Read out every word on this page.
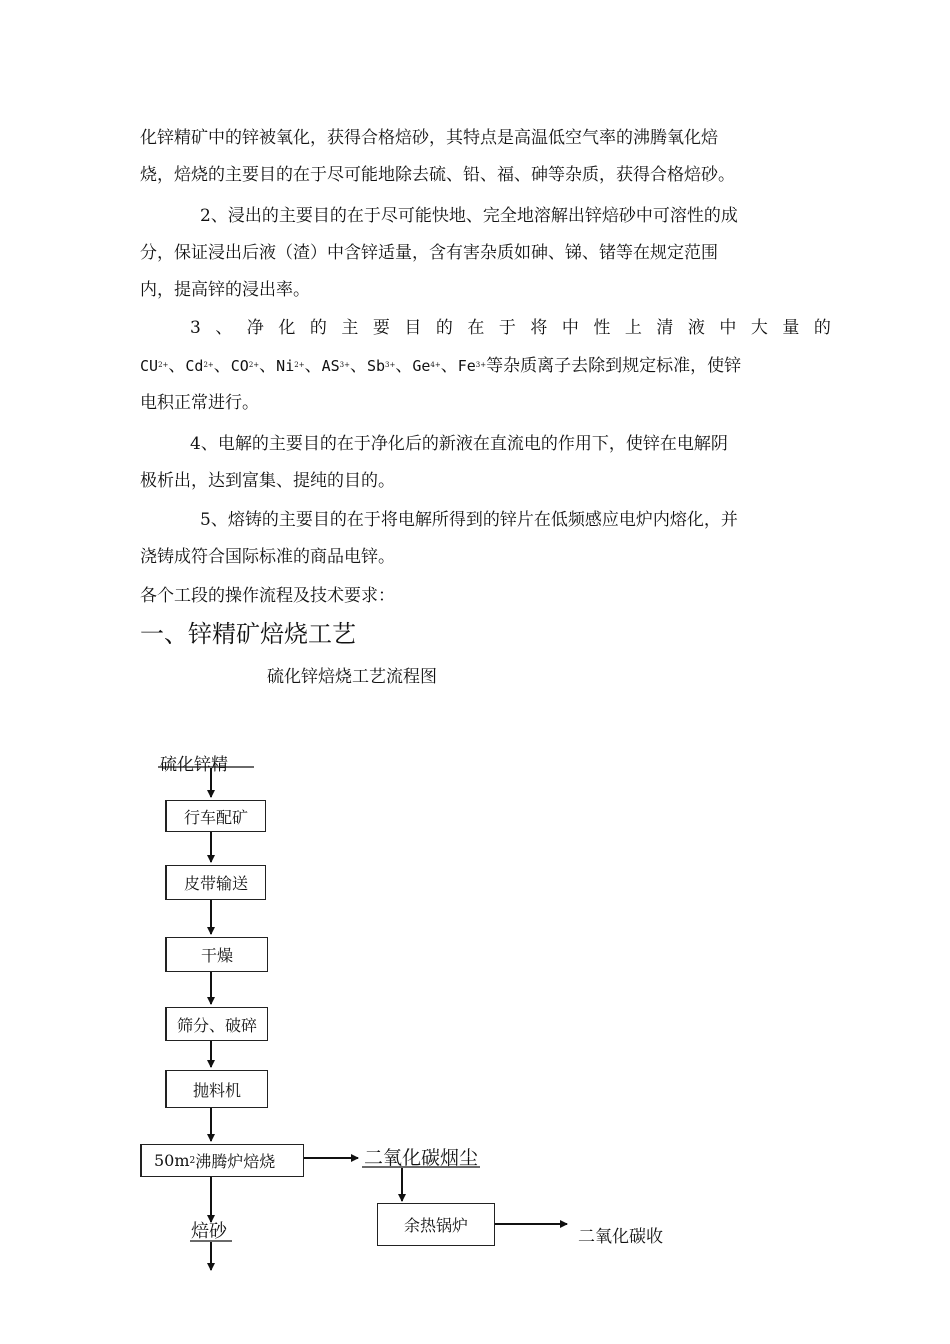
化锌精矿中的锌被氧化，获得合格焙砂，其特点是高温低空气率的沸腾氧化焙
烧，焙烧的主要目的在于尽可能地除去硫、铅、福、砷等杂质，获得合格焙砂。
2、浸出的主要目的在于尽可能快地、完全地溶解出锌焙砂中可溶性的成
分，保证浸出后液（渣）中含锌适量，含有害杂质如砷、锑、锗等在规定范围
内，提高锌的浸出率。
3、净化的主要目的在于将中性上清液中大量的
$CU^{2+}$、$Cd^{2+}$、$CO^{2+}$、$Ni^{2+}$、$AS^{3+}$、$Sb^{3+}$、$Ge^{4+}$、$Fe^{3+}$等杂质离子去除到规定标准，使锌
电积正常进行。
4、电解的主要目的在于净化后的新液在直流电的作用下，使锌在电解阴
极析出，达到富集、提纯的目的。
5、熔铸的主要目的在于将电解所得到的锌片在低频感应电炉内熔化，并
浇铸成符合国际标准的商品电锌。
各个工段的操作流程及技术要求：
一、锌精矿焙烧工艺
硫化锌焙烧工艺流程图
硫化锌精
行车配矿
皮带输送
干燥
筛分、破碎
抛料机
50m 2 沸腾炉焙烧
焙砂
二氧化碳烟尘
余热锅炉
二氧化碳收
